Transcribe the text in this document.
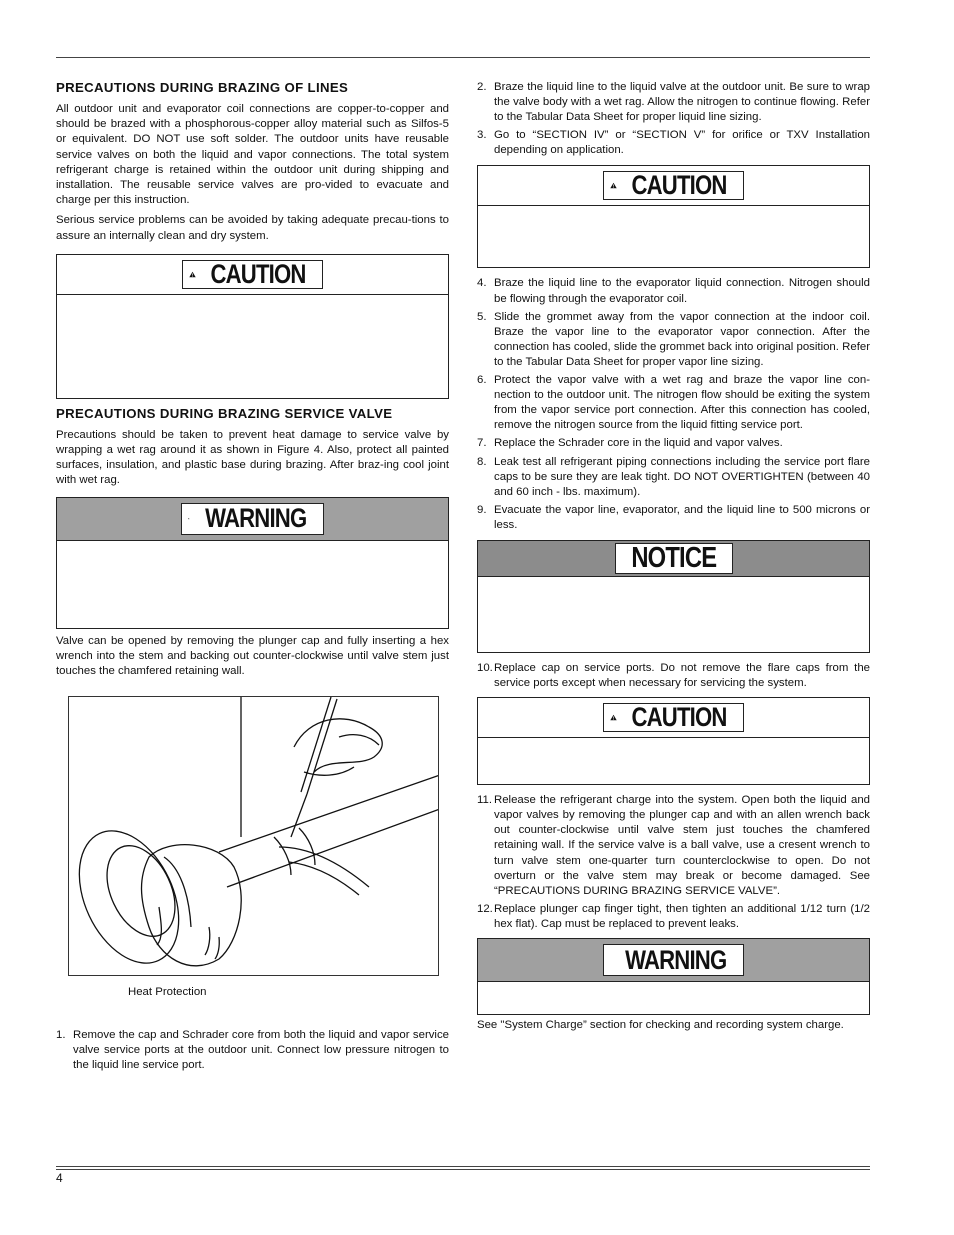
PRECAUTIONS DURING BRAZING OF LINES

All outdoor unit and evaporator coil connections are copper-to-copper and should be brazed with a phosphorous-copper alloy material such as Silfos-5 or equivalent. DO NOT use soft solder. The outdoor units have reusable service valves on both the liquid and vapor connections. The total system refrigerant charge is retained within the outdoor unit during shipping and installation. The reusable service valves are pro-vided to evacuate and charge per this instruction.

Serious service problems can be avoided by taking adequate precau-tions to assure an internally clean and dry system.

CAUTION
PRECAUTIONS DURING BRAZING SERVICE VALVE

Precautions should be taken to prevent heat damage to service valve by wrapping a wet rag around it as shown in Figure 4. Also, protect all painted surfaces, insulation, and plastic base during brazing. After braz-ing cool joint with wet rag.

WARNING

Valve can be opened by removing the plunger cap and fully inserting a hex wrench into the stem and backing out counter-clockwise until valve stem just touches the chamfered retaining wall.

Heat Protection
1. Remove the cap and Schrader core from both the liquid and vapor service valve service ports at the outdoor unit. Connect low pressure nitrogen to the liquid line service port.
2. Braze the liquid line to the liquid valve at the outdoor unit. Be sure to wrap the valve body with a wet rag. Allow the nitrogen to continue flowing. Refer to the Tabular Data Sheet for proper liquid line sizing.
3. Go to “SECTION IV” or “SECTION V” for orifice or TXV Installation depending on application.
CAUTION
4. Braze the liquid line to the evaporator liquid connection. Nitrogen should be flowing through the evaporator coil.
5. Slide the grommet away from the vapor connection at the indoor coil. Braze the vapor line to the evaporator vapor connection. After the connection has cooled, slide the grommet back into original position. Refer to the Tabular Data Sheet for proper vapor line sizing.
6. Protect the vapor valve with a wet rag and braze the vapor line con-nection to the outdoor unit. The nitrogen flow should be exiting the system from the vapor service port connection. After this connection has cooled, remove the nitrogen source from the liquid fitting service port.
7. Replace the Schrader core in the liquid and vapor valves.
8. Leak test all refrigerant piping connections including the service port flare caps to be sure they are leak tight. DO NOT OVERTIGHTEN (between 40 and 60 inch - lbs. maximum).
9. Evacuate the vapor line, evaporator, and the liquid line to 500 microns or less.
NOTICE
10. Replace cap on service ports. Do not remove the flare caps from the service ports except when necessary for servicing the system.
CAUTION
11. Release the refrigerant charge into the system. Open both the liquid and vapor valves by removing the plunger cap and with an allen wrench back out counter-clockwise until valve stem just touches the chamfered retaining wall. If the service valve is a ball valve, use a cresent wrench to turn valve stem one-quarter turn counterclockwise to open. Do not overturn or the valve stem may break or become damaged. See “PRECAUTIONS DURING BRAZING SERVICE VALVE”.
12. Replace plunger cap finger tight, then tighten an additional 1/12 turn (1/2 hex flat). Cap must be replaced to prevent leaks.
WARNING

See "System Charge” section for checking and recording system charge.

4
